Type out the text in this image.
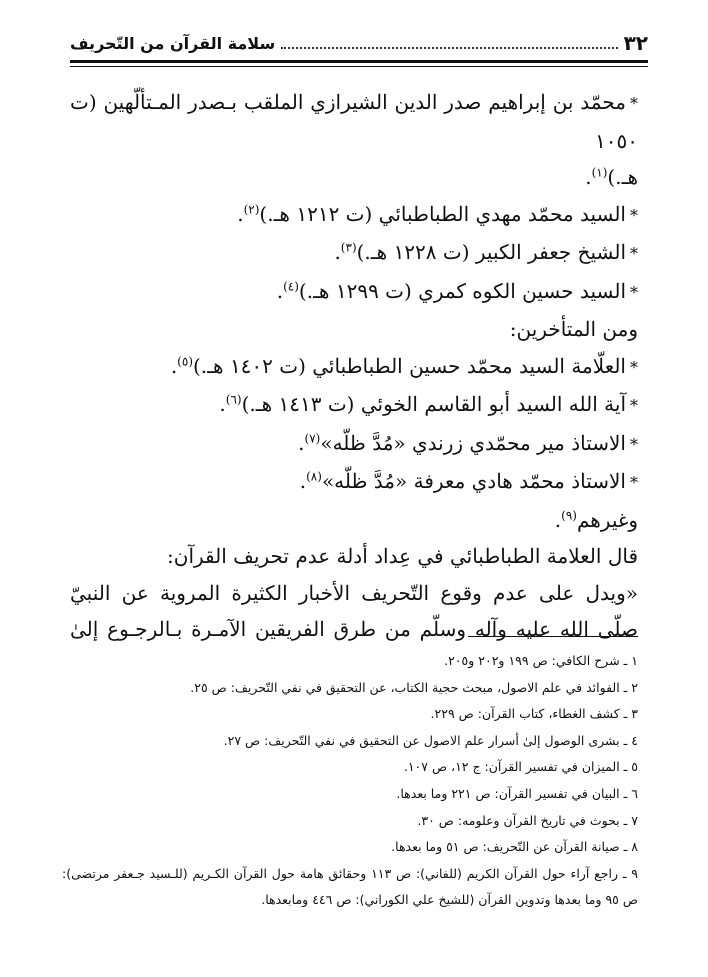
٣٢
سلامة القرآن من التّحريف

*محمّد بن إبراهيم صدر الدين الشيرازي الملقب بـصدر المـتألّهين (ت ١٠٥٠

هـ.)$^{(١)}$.

*السيد محمّد مهدي الطباطبائي (ت ١٢١٢ هـ.)$^{(٢)}$.

*الشيخ جعفر الكبير (ت ١٢٢٨ هـ.)$^{(٣)}$.

*السيد حسين الكوه كمري (ت ١٢٩٩ هـ.)$^{(٤)}$.

ومن المتأخرين:

*العلّامة السيد محمّد حسين الطباطبائي (ت ١٤٠٢ هـ.)$^{(٥)}$.

*آية الله السيد أبو القاسم الخوئي (ت ١٤١٣ هـ.)$^{(٦)}$.

*الاستاذ مير محمّدي زرندي «مُدَّ ظلّه»$^{(٧)}$.

*الاستاذ محمّد هادي معرفة «مُدَّ ظلّه»$^{(٨)}$.

وغيرهم$^{(٩)}$.

قال العلامة الطباطبائي في عِداد أدلة عدم تحريف القرآن:

«ويدل على عدم وقوع التّحريف الأخبار الكثيرة المروية عن النبيّ

صلّى الله عليه وآله وسلّم من طرق الفريقين الآمـرة بـالرجـوع إلىٰ

١ ـ شرح الكافي: ص ١٩٩ و٢٠٢ و٢٠٥.
٢ ـ الفوائد في علم الاصول، مبحث حجية الكتاب، عن التحقيق في نفي التّحريف: ص ٢٥.
٣ ـ كشف الغطاء، كتاب القرآن: ص ٢٢٩.
٤ ـ بشرى الوصول إلىٰ أسرار علم الاصول عن التحقيق في نفي التّحريف: ص ٢٧.
٥ ـ الميزان في تفسير القرآن: ج ١٢، ص ١٠٧.
٦ ـ البيان في تفسير القرآن: ص ٢٢١ وما بعدها.
٧ ـ بحوث في تاريخ القرآن وعلومه: ص ٣٠.
٨ ـ صيانة القرآن عن التّحريف: ص ٥١ وما بعدها.
٩ ـ راجع آراء حول القرآن الكريم (للفاني): ص ١١٣ وحقائق هامة حول القرآن الكـريم (للـسيد جـعفر مرتضى): ص ٩٥ وما بعدها وتدوين القرآن (للشيخ علي الكوراني): ص ٤٤٦ ومابعدها.
